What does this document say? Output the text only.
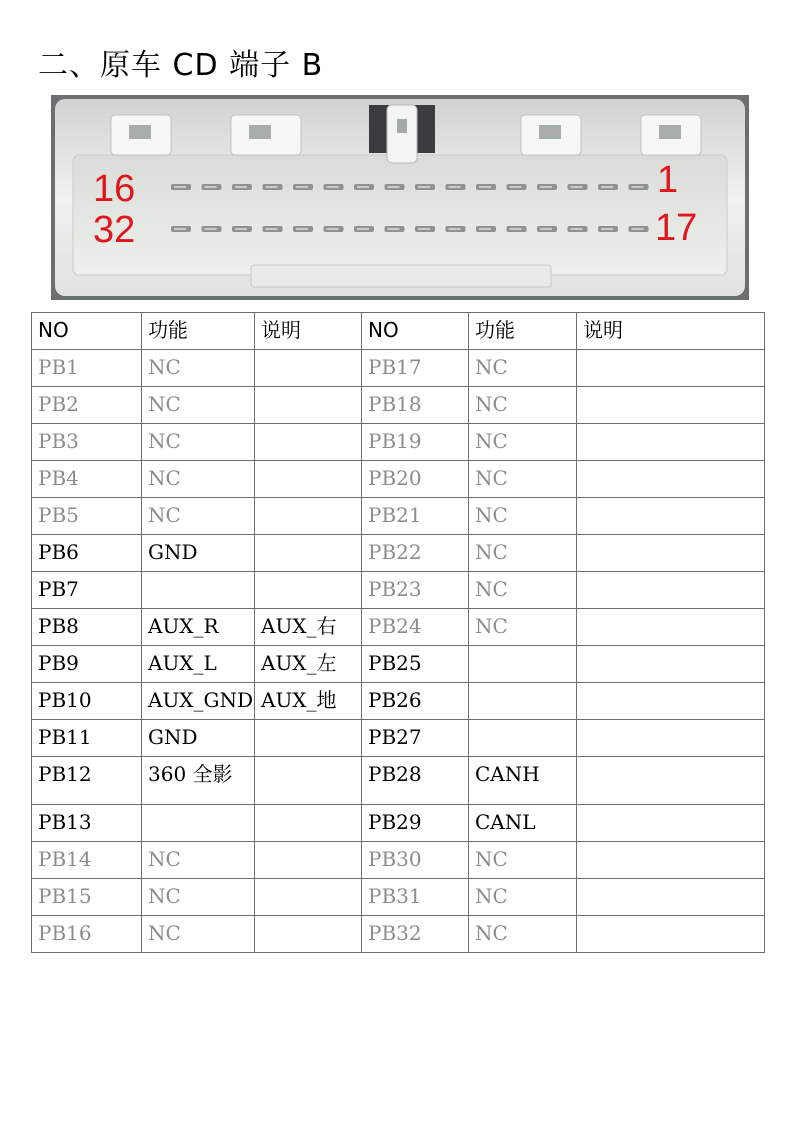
二、原车 CD 端子 B
16
32
1
17
NO	功能	说明	NO	功能	说明
PB1	NC		PB17	NC	
PB2	NC		PB18	NC	
PB3	NC		PB19	NC	
PB4	NC		PB20	NC	
PB5	NC		PB21	NC	
PB6	GND		PB22	NC	
PB7			PB23	NC	
PB8	AUX_R	AUX_右	PB24	NC	
PB9	AUX_L	AUX_左	PB25		
PB10	AUX_GND	AUX_地	PB26		
PB11	GND		PB27		
PB12	360 全影		PB28	CANH	
PB13			PB29	CANL	
PB14	NC		PB30	NC	
PB15	NC		PB31	NC	
PB16	NC		PB32	NC	
